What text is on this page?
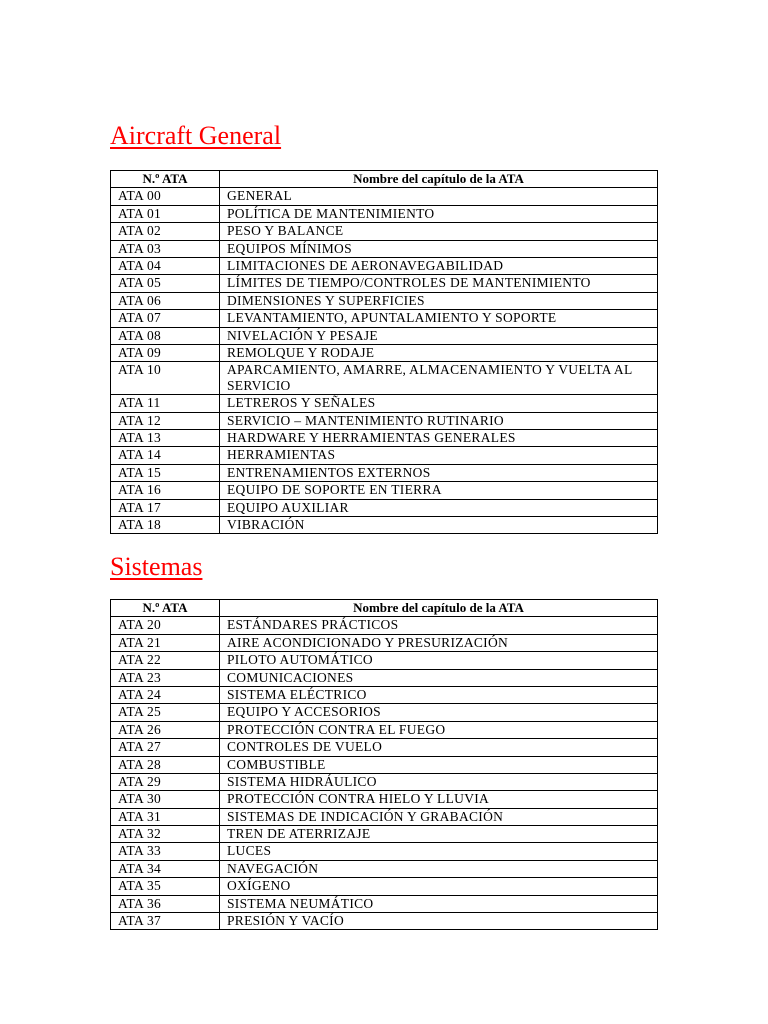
Aircraft General
N.º ATA	Nombre del capítulo de la ATA
ATA 00	GENERAL
ATA 01	POLÍTICA DE MANTENIMIENTO
ATA 02	PESO Y BALANCE
ATA 03	EQUIPOS MÍNIMOS
ATA 04	LIMITACIONES DE AERONAVEGABILIDAD
ATA 05	LÍMITES DE TIEMPO/CONTROLES DE MANTENIMIENTO
ATA 06	DIMENSIONES Y SUPERFICIES
ATA 07	LEVANTAMIENTO, APUNTALAMIENTO Y SOPORTE
ATA 08	NIVELACIÓN Y PESAJE
ATA 09	REMOLQUE Y RODAJE
ATA 10	APARCAMIENTO, AMARRE, ALMACENAMIENTO Y VUELTA AL SERVICIO
ATA 11	LETREROS Y SEÑALES
ATA 12	SERVICIO – MANTENIMIENTO RUTINARIO
ATA 13	HARDWARE Y HERRAMIENTAS GENERALES
ATA 14	HERRAMIENTAS
ATA 15	ENTRENAMIENTOS EXTERNOS
ATA 16	EQUIPO DE SOPORTE EN TIERRA
ATA 17	EQUIPO AUXILIAR
ATA 18	VIBRACIÓN
Sistemas
N.º ATA	Nombre del capítulo de la ATA
ATA 20	ESTÁNDARES PRÁCTICOS
ATA 21	AIRE ACONDICIONADO Y PRESURIZACIÓN
ATA 22	PILOTO AUTOMÁTICO
ATA 23	COMUNICACIONES
ATA 24	SISTEMA ELÉCTRICO
ATA 25	EQUIPO Y ACCESORIOS
ATA 26	PROTECCIÓN CONTRA EL FUEGO
ATA 27	CONTROLES DE VUELO
ATA 28	COMBUSTIBLE
ATA 29	SISTEMA HIDRÁULICO
ATA 30	PROTECCIÓN CONTRA HIELO Y LLUVIA
ATA 31	SISTEMAS DE INDICACIÓN Y GRABACIÓN
ATA 32	TREN DE ATERRIZAJE
ATA 33	LUCES
ATA 34	NAVEGACIÓN
ATA 35	OXÍGENO
ATA 36	SISTEMA NEUMÁTICO
ATA 37	PRESIÓN Y VACÍO
